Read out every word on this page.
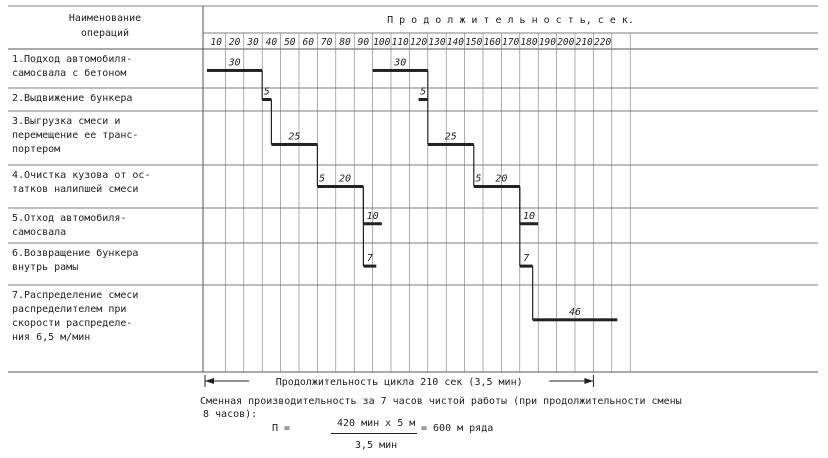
Наименование
операций
П р о д о л ж и т е л ь н о с т ь, с е к.
10 20 30 40 50 60 70 80 90 100 110 120 130 140 150 160 170 180 190 200 210 220
1.Подход автомобиля-
самосвала с бетоном
30	30
2.Выдвижение бункера
5	5
3.Выгрузка смеси и
перемещение ее транс-
портером
25	25
4.Очистка кузова от ос-
татков налипшей смеси
5 20	5 20
5.Отход автомобиля-
самосвала
10	10
6.Возвращение бункера
внутрь рамы
7	7
7.Распределение смеси
распределителем при
скорости распределе-
ния 6,5 м/мин
46
Продолжительность цикла 210 сек (3,5 мин)
Сменная производительность за 7 часов чистой работы (при продолжительности смены
8 часов):
П =	420 мин х 5 м = 600 м ряда
3,5 мин
